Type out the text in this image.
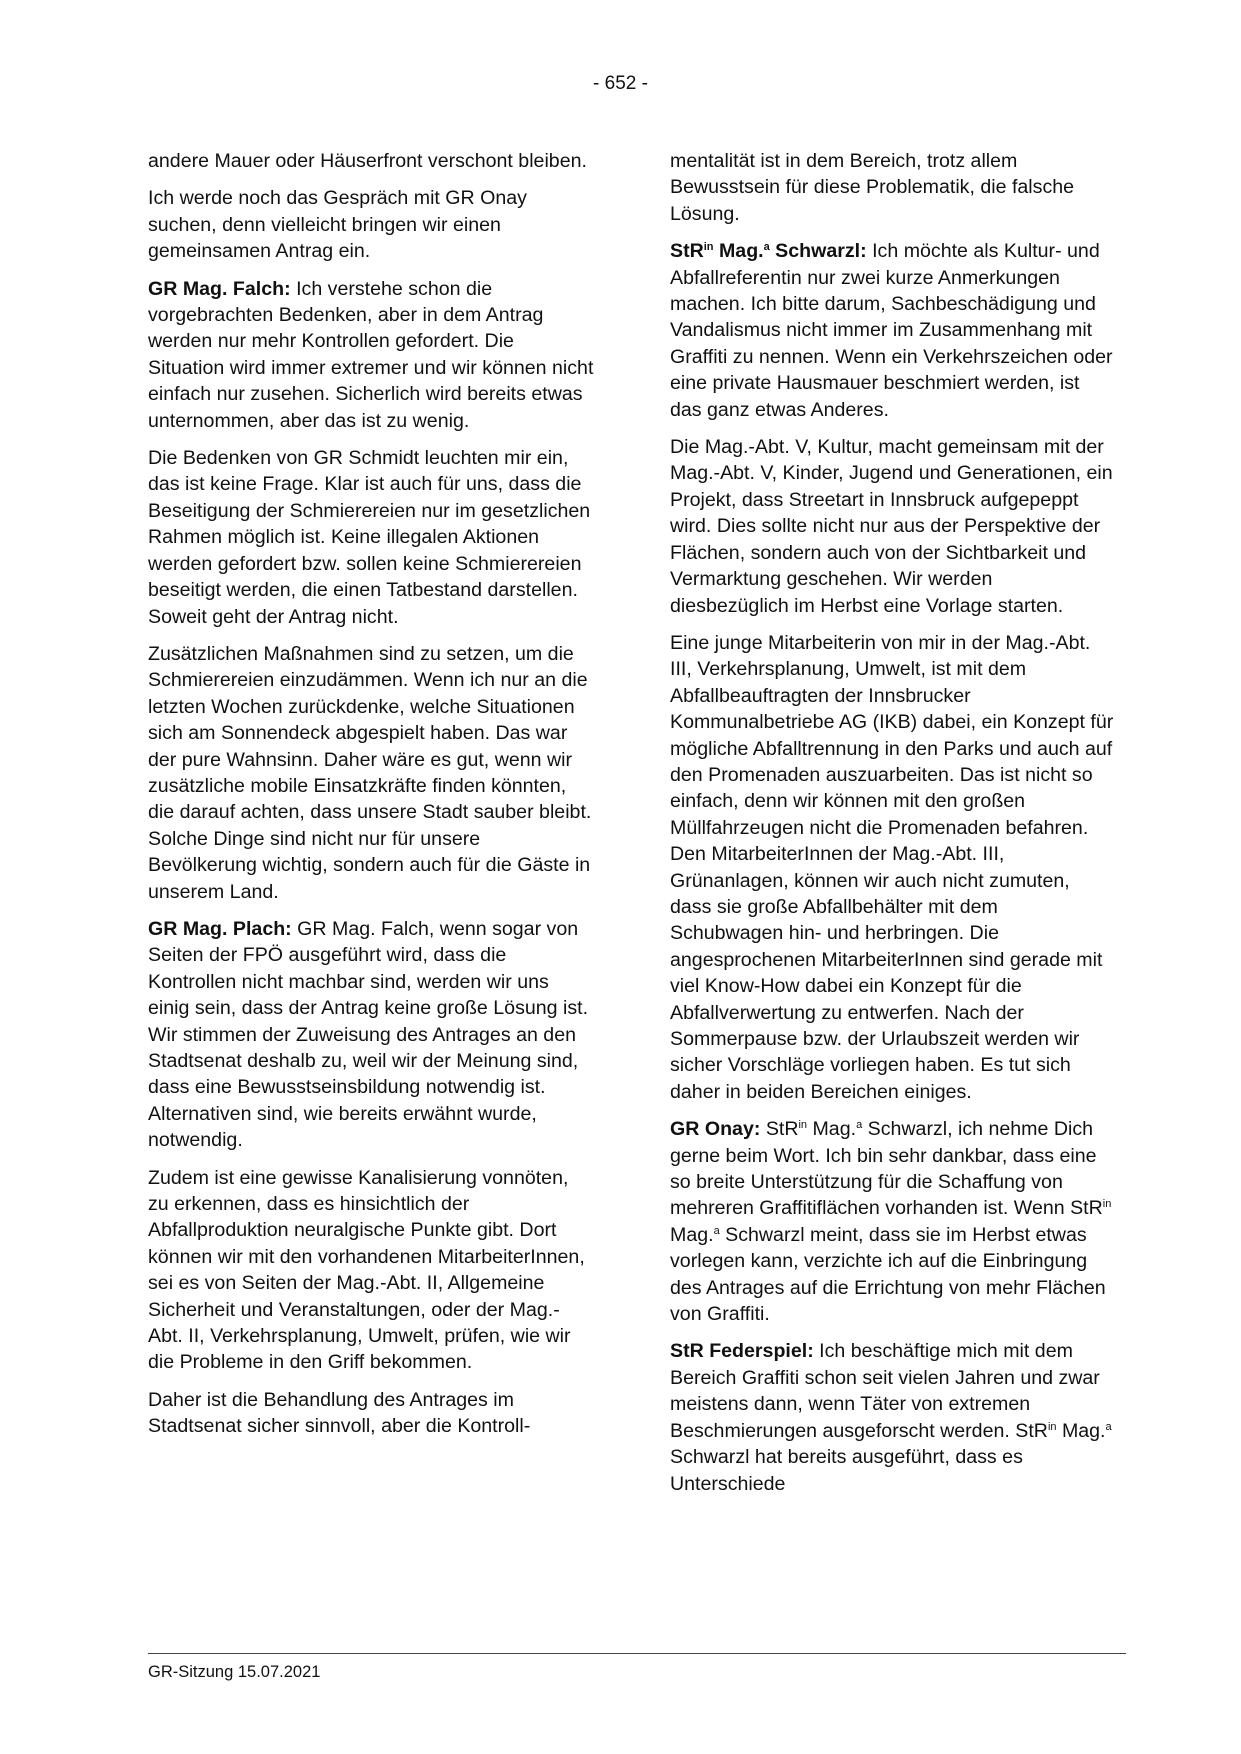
- 652 -

andere Mauer oder Häuserfront verschont bleiben.

Ich werde noch das Gespräch mit GR Onay suchen, denn vielleicht bringen wir einen gemeinsamen Antrag ein.

GR Mag. Falch: Ich verstehe schon die vorgebrachten Bedenken, aber in dem Antrag werden nur mehr Kontrollen gefordert. Die Situation wird immer extremer und wir können nicht einfach nur zusehen. Sicherlich wird bereits etwas unternommen, aber das ist zu wenig.

Die Bedenken von GR Schmidt leuchten mir ein, das ist keine Frage. Klar ist auch für uns, dass die Beseitigung der Schmierereien nur im gesetzlichen Rahmen möglich ist. Keine illegalen Aktionen werden gefordert bzw. sollen keine Schmierereien beseitigt werden, die einen Tatbestand darstellen. Soweit geht der Antrag nicht.

Zusätzlichen Maßnahmen sind zu setzen, um die Schmierereien einzudämmen. Wenn ich nur an die letzten Wochen zurückdenke, welche Situationen sich am Sonnendeck abgespielt haben. Das war der pure Wahnsinn. Daher wäre es gut, wenn wir zusätzliche mobile Einsatzkräfte finden könnten, die darauf achten, dass unsere Stadt sauber bleibt. Solche Dinge sind nicht nur für unsere Bevölkerung wichtig, sondern auch für die Gäste in unserem Land.

GR Mag. Plach: GR Mag. Falch, wenn sogar von Seiten der FPÖ ausgeführt wird, dass die Kontrollen nicht machbar sind, werden wir uns einig sein, dass der Antrag keine große Lösung ist. Wir stimmen der Zuweisung des Antrages an den Stadtsenat deshalb zu, weil wir der Meinung sind, dass eine Bewusstseinsbildung notwendig ist. Alternativen sind, wie bereits erwähnt wurde, notwendig.

Zudem ist eine gewisse Kanalisierung vonnöten, zu erkennen, dass es hinsichtlich der Abfallproduktion neuralgische Punkte gibt. Dort können wir mit den vorhandenen MitarbeiterInnen, sei es von Seiten der Mag.-Abt. II, Allgemeine Sicherheit und Veranstaltungen, oder der Mag.-Abt. II, Verkehrsplanung, Umwelt, prüfen, wie wir die Probleme in den Griff bekommen.

Daher ist die Behandlung des Antrages im Stadtsenat sicher sinnvoll, aber die Kontroll-

mentalität ist in dem Bereich, trotz allem Bewusstsein für diese Problematik, die falsche Lösung.

StR$^{in}$ Mag.$^a$ Schwarzl: Ich möchte als Kultur- und Abfallreferentin nur zwei kurze Anmerkungen machen. Ich bitte darum, Sachbeschädigung und Vandalismus nicht immer im Zusammenhang mit Graffiti zu nennen. Wenn ein Verkehrszeichen oder eine private Hausmauer beschmiert werden, ist das ganz etwas Anderes.

Die Mag.-Abt. V, Kultur, macht gemeinsam mit der Mag.-Abt. V, Kinder, Jugend und Generationen, ein Projekt, dass Streetart in Innsbruck aufgepeppt wird. Dies sollte nicht nur aus der Perspektive der Flächen, sondern auch von der Sichtbarkeit und Vermarktung geschehen. Wir werden diesbezüglich im Herbst eine Vorlage starten.

Eine junge Mitarbeiterin von mir in der Mag.-Abt. III, Verkehrsplanung, Umwelt, ist mit dem Abfallbeauftragten der Innsbrucker Kommunalbetriebe AG (IKB) dabei, ein Konzept für mögliche Abfalltrennung in den Parks und auch auf den Promenaden auszuarbeiten. Das ist nicht so einfach, denn wir können mit den großen Müllfahrzeugen nicht die Promenaden befahren. Den MitarbeiterInnen der Mag.-Abt. III, Grünanlagen, können wir auch nicht zumuten, dass sie große Abfallbehälter mit dem Schubwagen hin- und herbringen. Die angesprochenen MitarbeiterInnen sind gerade mit viel Know-How dabei ein Konzept für die Abfallverwertung zu entwerfen. Nach der Sommerpause bzw. der Urlaubszeit werden wir sicher Vorschläge vorliegen haben. Es tut sich daher in beiden Bereichen einiges.

GR Onay: StR$^{in}$ Mag.$^a$ Schwarzl, ich nehme Dich gerne beim Wort. Ich bin sehr dankbar, dass eine so breite Unterstützung für die Schaffung von mehreren Graffitiflächen vorhanden ist. Wenn StR$^{in}$ Mag.$^a$ Schwarzl meint, dass sie im Herbst etwas vorlegen kann, verzichte ich auf die Einbringung des Antrages auf die Errichtung von mehr Flächen von Graffiti.

StR Federspiel: Ich beschäftige mich mit dem Bereich Graffiti schon seit vielen Jahren und zwar meistens dann, wenn Täter von extremen Beschmierungen ausgeforscht werden. StR$^{in}$ Mag.$^a$ Schwarzl hat bereits ausgeführt, dass es Unterschiede

GR-Sitzung 15.07.2021
